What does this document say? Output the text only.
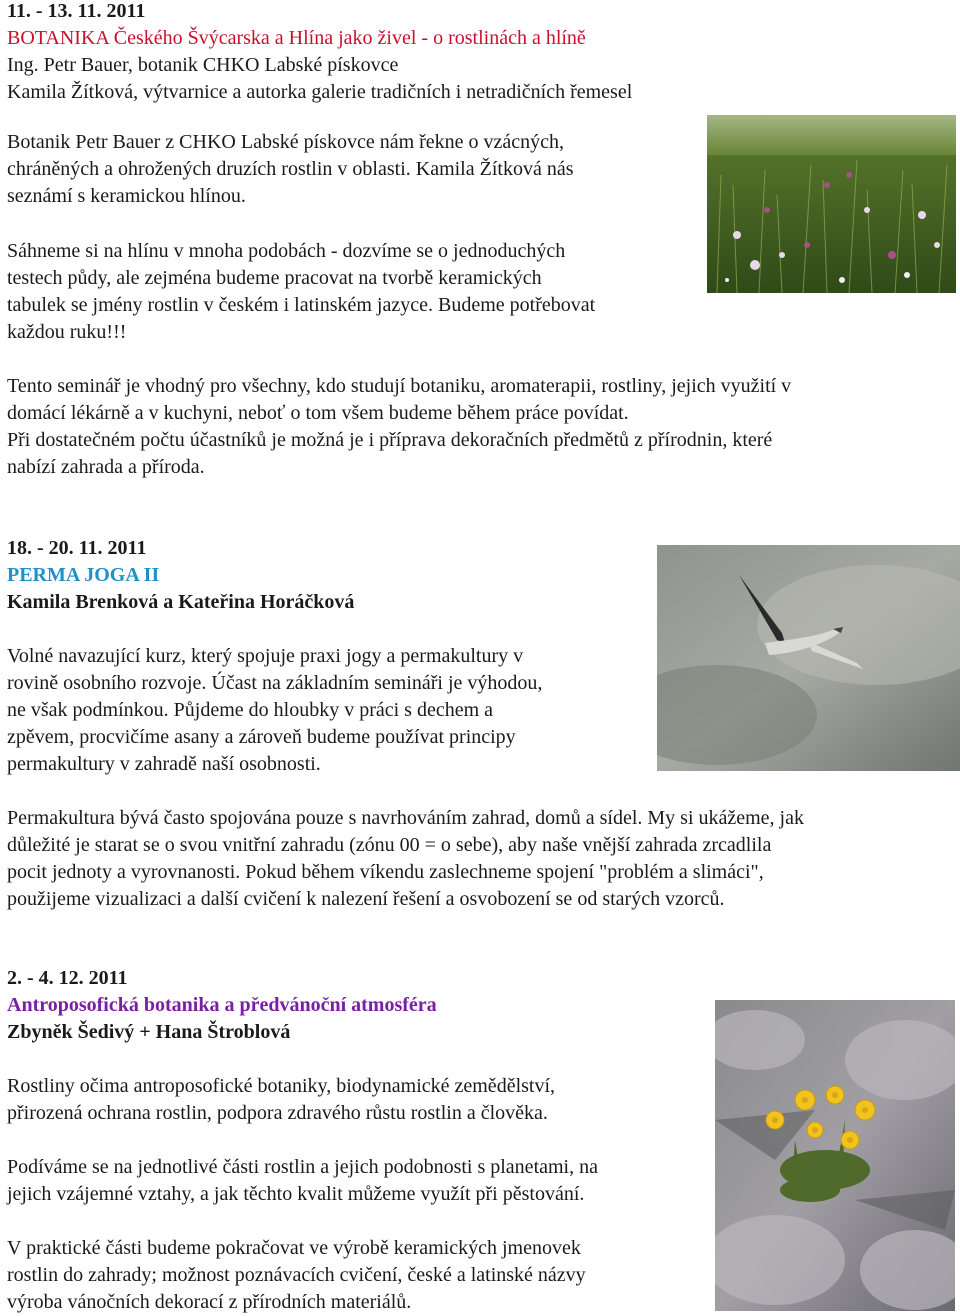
11. - 13. 11. 2011
BOTANIKA Českého Švýcarska a Hlína jako živel - o rostlinách a hlíně
Ing. Petr Bauer, botanik CHKO Labské pískovce
Kamila Žítková, výtvarnice a autorka galerie tradičních i netradičních řemesel
Botanik Petr Bauer z CHKO Labské pískovce nám řekne o vzácných,
chráněných a ohrožených druzích rostlin v oblasti. Kamila Žítková nás
seznámí s keramickou hlínou.
Sáhneme si na hlínu v mnoha podobách - dozvíme se o jednoduchých
testech půdy, ale zejména budeme pracovat na tvorbě keramických
tabulek se jmény rostlin v českém i latinském jazyce. Budeme potřebovat
každou ruku!!!
Tento seminář je vhodný pro všechny, kdo studují botaniku, aromaterapii, rostliny, jejich využití v
domácí lékárně a v kuchyni, neboť o tom všem budeme během práce povídat.
Při dostatečném počtu účastníků je možná je i příprava dekoračních předmětů z přírodnin, které
nabízí zahrada a příroda.
18. - 20. 11. 2011
PERMA JOGA II
Kamila Brenková a Kateřina Horáčková
Volné navazující kurz, který spojuje praxi jogy a permakultury v
rovině osobního rozvoje. Účast na základním semináři je výhodou,
ne však podmínkou. Půjdeme do hloubky v práci s dechem a
zpěvem, procvičíme asany a zároveň budeme používat principy
permakultury v zahradě naší osobnosti.
Permakultura bývá často spojována pouze s navrhováním zahrad, domů a sídel. My si ukážeme, jak
důležité je starat se o svou vnitřní zahradu (zónu 00 = o sebe), aby naše vnější zahrada zrcadlila
pocit jednoty a vyrovnanosti. Pokud během víkendu zaslechneme spojení "problém a slimáci",
použijeme vizualizaci a další cvičení k nalezení řešení a osvobození se od starých vzorců.
2. - 4. 12. 2011
Antroposofická botanika a předvánoční atmosféra
Zbyněk Šedivý + Hana Štroblová
Rostliny očima antroposofické botaniky, biodynamické zemědělství,
přirozená ochrana rostlin, podpora zdravého růstu rostlin a člověka.
Podíváme se na jednotlivé části rostlin a jejich podobnosti s planetami, na
jejich vzájemné vztahy, a jak těchto kvalit můžeme využít při pěstování.
V praktické části budeme pokračovat ve výrobě keramických jmenovek
rostlin do zahrady; možnost poznávacích cvičení, české a latinské názvy
výroba vánočních dekorací z přírodních materiálů.
